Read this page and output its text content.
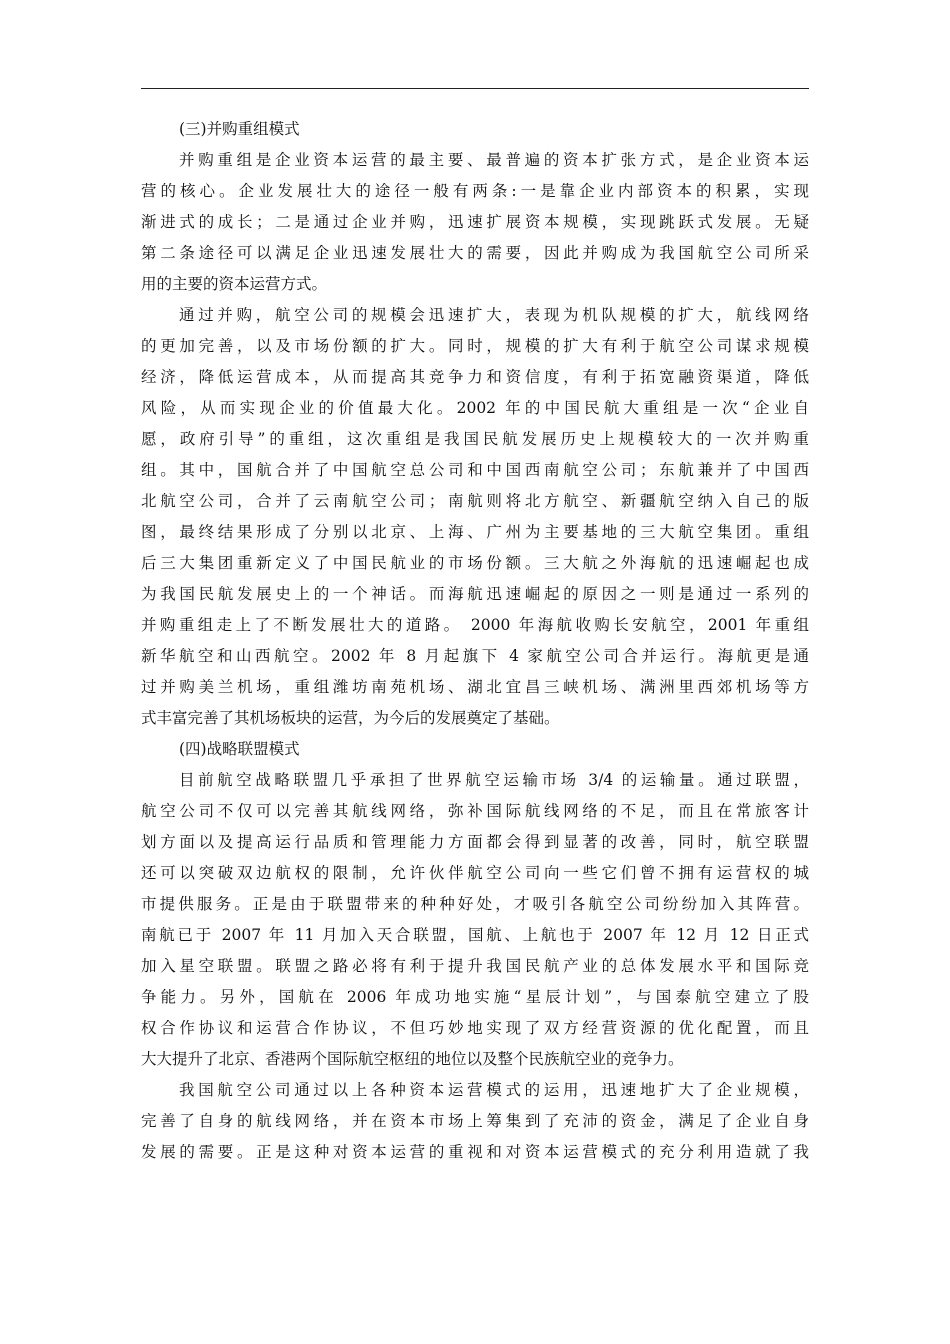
(三)并购重组模式
并购重组是企业资本运营的最主要、最普遍的资本扩张方式，是企业资本运
营的核心。企业发展壮大的途径一般有两条:一是靠企业内部资本的积累，实现
渐进式的成长；二是通过企业并购，迅速扩展资本规模，实现跳跃式发展。无疑
第二条途径可以满足企业迅速发展壮大的需要，因此并购成为我国航空公司所采
用的主要的资本运营方式。
通过并购，航空公司的规模会迅速扩大，表现为机队规模的扩大，航线网络
的更加完善，以及市场份额的扩大。同时，规模的扩大有利于航空公司谋求规模
经济，降低运营成本，从而提高其竞争力和资信度，有利于拓宽融资渠道，降低
风险，从而实现企业的价值最大化。2002 年的中国民航大重组是一次“企业自
愿，政府引导”的重组，这次重组是我国民航发展历史上规模较大的一次并购重
组。其中，国航合并了中国航空总公司和中国西南航空公司；东航兼并了中国西
北航空公司，合并了云南航空公司；南航则将北方航空、新疆航空纳入自己的版
图，最终结果形成了分别以北京、上海、广州为主要基地的三大航空集团。重组
后三大集团重新定义了中国民航业的市场份额。三大航之外海航的迅速崛起也成
为我国民航发展史上的一个神话。而海航迅速崛起的原因之一则是通过一系列的
并购重组走上了不断发展壮大的道路。 2000 年海航收购长安航空，2001 年重组
新华航空和山西航空。2002 年 8 月起旗下 4 家航空公司合并运行。海航更是通
过并购美兰机场，重组潍坊南苑机场、湖北宜昌三峡机场、满洲里西郊机场等方
式丰富完善了其机场板块的运营，为今后的发展奠定了基础。
(四)战略联盟模式
目前航空战略联盟几乎承担了世界航空运输市场 3/4 的运输量。通过联盟，
航空公司不仅可以完善其航线网络，弥补国际航线网络的不足，而且在常旅客计
划方面以及提高运行品质和管理能力方面都会得到显著的改善，同时，航空联盟
还可以突破双边航权的限制，允许伙伴航空公司向一些它们曾不拥有运营权的城
市提供服务。正是由于联盟带来的种种好处，才吸引各航空公司纷纷加入其阵营。
南航已于 2007 年 11 月加入天合联盟，国航、上航也于 2007 年 12 月 12 日正式
加入星空联盟。联盟之路必将有利于提升我国民航产业的总体发展水平和国际竞
争能力。另外，国航在 2006 年成功地实施“星辰计划”，与国泰航空建立了股
权合作协议和运营合作协议，不但巧妙地实现了双方经营资源的优化配置，而且
大大提升了北京、香港两个国际航空枢纽的地位以及整个民族航空业的竞争力。
我国航空公司通过以上各种资本运营模式的运用，迅速地扩大了企业规模，
完善了自身的航线网络，并在资本市场上筹集到了充沛的资金，满足了企业自身
发展的需要。正是这种对资本运营的重视和对资本运营模式的充分利用造就了我
